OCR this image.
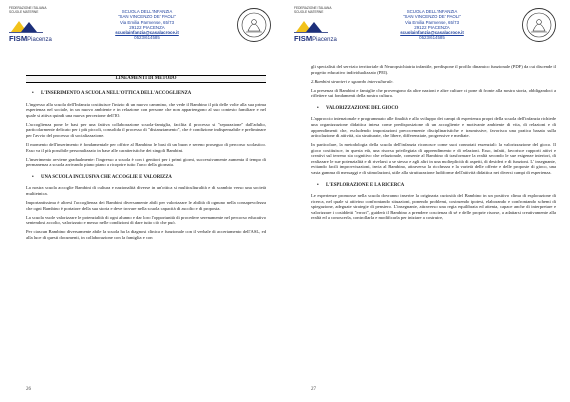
FEDERAZIONE ITALIANA SCUOLE MATERNE
FISMPiacenza
SCUOLA DELL'INFANZIA
"SAN VINCENZO DE' PAOLI"
Via Emilia Parmense, 65/73
29122 PIACENZA
scuolainfanzia@casalacroce.it
0523/614585
LINEAMENTI DI METODO
• L'INSERIMENTO A SCUOLA NELL'OTTICA DELL'ACCOGLIENZA

L'ingresso alla scuola dell'Infanzia costituisce l'inizio di un nuovo cammino, che vede il Bambino il più delle volte alla sua prima esperienza nel sociale, in un nuovo ambiente e in relazione con persone che non appartengono al suo contesto familiare e nel quale si attiva quindi una nuova percezione dell'IO.

L'accoglienza pone le basi per una fattiva collaborazione scuola-famiglia, facilita il processo si "separazione" dall'adulto, particolarmente delicato per i più piccoli, consolida il processo di "distanziamento", che è condizione indispensabile e preliminare per l'avvio del processo di socializzazione.

Il momento dell'inserimento è fondamentale per offrire al Bambino le basi di un buon e sereno proseguo di percorso scolastico. Esso va il più possibile personalizzato in base alle caratteristiche dei singoli Bambini.

L'inserimento avviene gradualmente: l'ingresso a scuola è con i genitori per i primi giorni, successivamente aumenta il tempo di permanenza a scuola arrivando piano piano a ricoprire tutto l'arco della giornata.

• UNA SCUOLA INCLUSIVA CHE ACCOGLIE E VALORIZZA

La nostra scuola accoglie Bambini di cultura e nazionalità diverse in un'ottica si multiculturalità e di scambio verso una società multietnica.

Importantissima è altresì l'accoglienza dei Bambini diversamente abili per valorizzare le abilità di ognuno nella consapevolezza che ogni Bambino è portatore della sua storia e deve trovare nella scuola capacità di ascolto e di proposta.

La scuola vuole valorizzare le potenzialità di ogni alunno e dar loro l'opportunità di procedere serenamente nel percorso educativo sentendosi accolto, valorizzato e messo nelle condizioni di dare tutto ciò che può.

Per ciascun Bambino diversamente abile la scuola ha la diagnosi clinica e funzionale con il verbale di accertamento dell'ASL, ed alla luce di questi documenti, in collaborazione con la famiglia e con

26
FEDERAZIONE ITALIANA SCUOLE MATERNE
FISMPiacenza
SCUOLA DELL'INFANZIA
"SAN VINCENZO DE' PAOLI"
Via Emilia Parmense, 65/73
29122 PIACENZA
scuolainfanzia@casalacroce.it
0523/614585

gli specialisti del servizio territoriale di Neuropsichiatria infantile, predispone il profilo dinamico funzionale (PDF) da cui discende il progetto educativo individualizzato (PEI).

2.Bambini stranieri e sguardo interculturale.

La presenza di Bambini e famiglie che provengono da altre nazioni e altre culture ci pone di fronte alla nostra storia, obbligandoci a riflettere sui fondamenti della nostra cultura.

• VALORIZZAZIONE DEL GIOCO

L'approccio intenzionale e programmato alle finalità e allo sviluppo dei campi di esperienza propri della scuola dell'infanzia richiede una organizzazione didattica intesa come predisposizione di un accogliente e motivante ambiente di vita, di relazioni e di apprendimenti che, escludendo impostazioni precocemente disciplinaristiche e trasmissive, favorisca una pratica basata sulla articolazione di attività, sia strutturate, che libere, differenziate, progressive e mediate.

In particolare, la metodologia della scuola dell'infanzia riconosce come suoi connotati essenziali: la valorizzazione del gioco. Il gioco costituisce, in questa età, una risorsa privilegiata di apprendimento e di relazioni. Esso, infatti, favorisce rapporti attivi e creativi sul terreno sia cognitivo che relazionale, consente al Bambino di trasformare la realtà secondo le sue esigenze interiori, di realizzare le sue potenzialità e di rivelarsi a se stesso e agli altri in una molteplicità di aspetti, di desideri e di funzioni. L' insegnante, evitando facili improvvisazioni, invia al Bambino, attraverso la ricchezza e la varietà delle offerte e delle proposte di gioco, una vasta gamma di messaggi e di stimolazioni, utile alla strutturazione ludiforme dell'attività didattica nei diversi campi di esperienza.

• L'ESPLORAZIONE E LA RICERCA

Le esperienze promosse nella scuola dovranno inserire la originaria curiosità del Bambino in un positivo clima di esplorazione di ricerca, nel quale si attivino confrontando situazioni, ponendo problemi, costruendo ipotesi, elaborando e confrontando schemi di spiegazione, adeguate strategie di pensiero. L'insegnante, attraverso una regia equilibrata ed attenta, capace anche di interpretare e valorizzare i cosiddetti "errori", guiderà il Bambino a prendere coscienza di sé e delle proprie risorse, a adattarsi creativamente alla realtà ed a conoscerla, controllarla e modificarla per iniziare a costruire,

27
